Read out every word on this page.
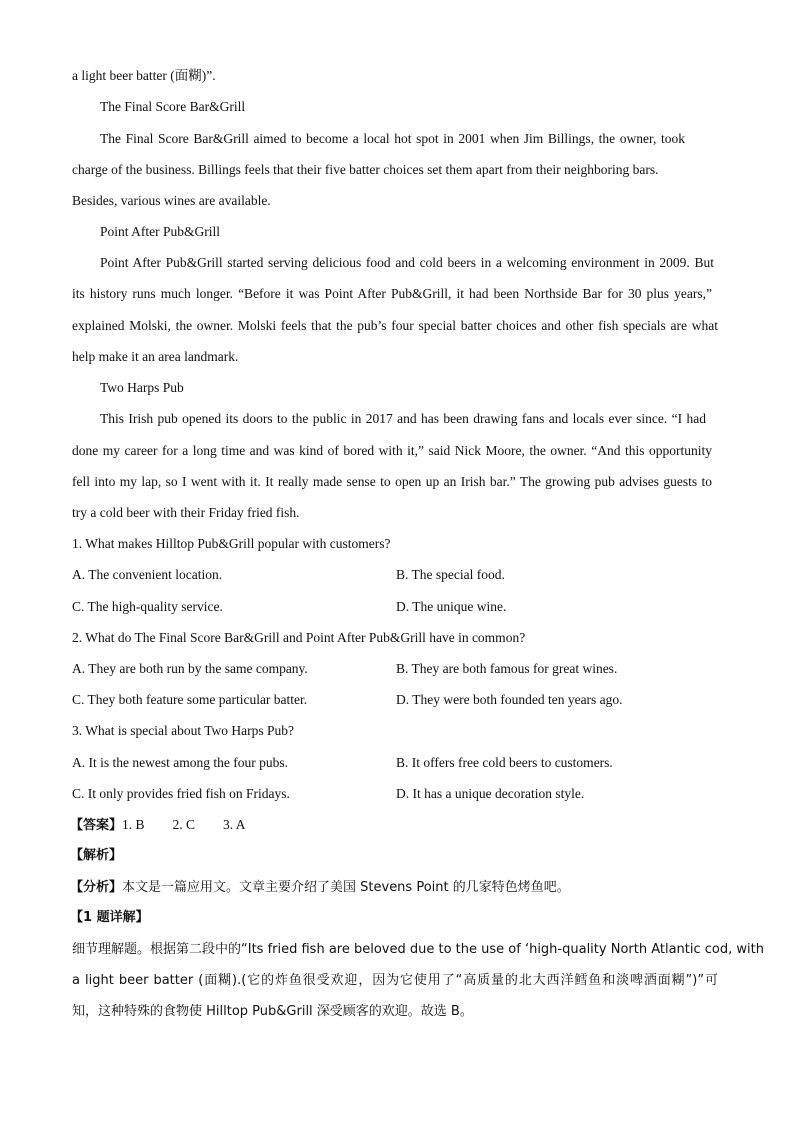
a light beer batter (面糊)”.
The Final Score Bar&Grill
The Final Score Bar&Grill aimed to become a local hot spot in 2001 when Jim Billings, the owner, took
charge of the business. Billings feels that their five batter choices set them apart from their neighboring bars.
Besides, various wines are available.
Point After Pub&Grill
Point After Pub&Grill started serving delicious food and cold beers in a welcoming environment in 2009. But
its history runs much longer. “Before it was Point After Pub&Grill, it had been Northside Bar for 30 plus years,”
explained Molski, the owner. Molski feels that the pub’s four special batter choices and other fish specials are what
help make it an area landmark.
Two Harps Pub
This Irish pub opened its doors to the public in 2017 and has been drawing fans and locals ever since. “I had
done my career for a long time and was kind of bored with it,” said Nick Moore, the owner. “And this opportunity
fell into my lap, so I went with it. It really made sense to open up an Irish bar.” The growing pub advises guests to
try a cold beer with their Friday fried fish.
1. What makes Hilltop Pub&Grill popular with customers?
A. The convenient location.	B. The special food.
C. The high-quality service.	D. The unique wine.
2. What do The Final Score Bar&Grill and Point After Pub&Grill have in common?
A. They are both run by the same company.	B. They are both famous for great wines.
C. They both feature some particular batter.	D. They were both founded ten years ago.
3. What is special about Two Harps Pub?
A. It is the newest among the four pubs.	B. It offers free cold beers to customers.
C. It only provides fried fish on Fridays.	D. It has a unique decoration style.
【答案】1. B 2. C 3. A
【解析】
【分析】本文是一篇应用文。文章主要介绍了美国 Stevens Point 的几家特色烤鱼吧。
【1 题详解】
细节理解题。根据第二段中的“Its fried fish are beloved due to the use of ‘high-quality North Atlantic cod, with
a light beer batter (面糊).(它的炸鱼很受欢迎，因为它使用了“高质量的北大西洋鳕鱼和淡啤酒面糊”)”可
知，这种特殊的食物使 Hilltop Pub&Grill 深受顾客的欢迎。故选 B。
